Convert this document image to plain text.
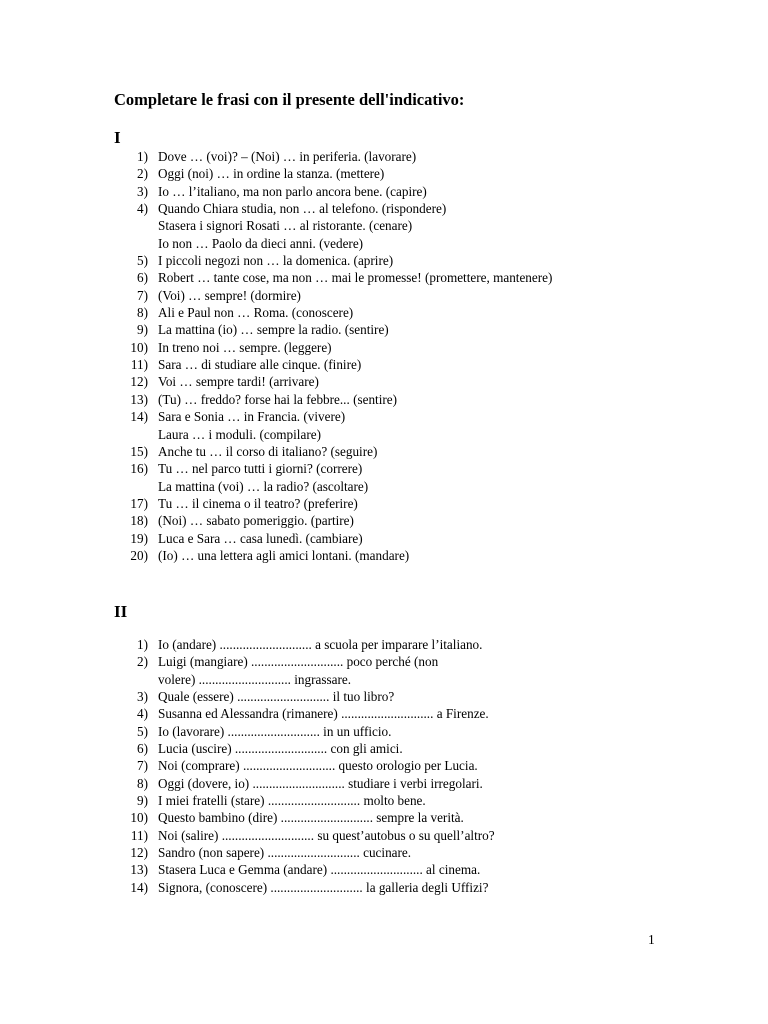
Completare le frasi con il presente dell'indicativo:
I
1) Dove … (voi)? – (Noi) … in periferia. (lavorare)
2) Oggi (noi) … in ordine la stanza. (mettere)
3) Io … l’italiano, ma non parlo ancora bene. (capire)
4) Quando Chiara studia, non … al telefono. (rispondere)
Stasera i signori Rosati … al ristorante. (cenare)
Io non … Paolo da dieci anni. (vedere)
5) I piccoli negozi non … la domenica. (aprire)
6) Robert … tante cose, ma non … mai le promesse! (promettere, mantenere)
7) (Voi) … sempre! (dormire)
8) Ali e Paul non … Roma. (conoscere)
9) La mattina (io) … sempre la radio. (sentire)
10) In treno noi … sempre. (leggere)
11) Sara … di studiare alle cinque. (finire)
12) Voi … sempre tardi! (arrivare)
13) (Tu) … freddo? forse hai la febbre... (sentire)
14) Sara e Sonia … in Francia. (vivere)
Laura … i moduli. (compilare)
15) Anche tu … il corso di italiano? (seguire)
16) Tu … nel parco tutti i giorni? (correre)
La mattina (voi) … la radio? (ascoltare)
17) Tu … il cinema o il teatro? (preferire)
18) (Noi) … sabato pomeriggio. (partire)
19) Luca e Sara … casa lunedì. (cambiare)
20) (Io) … una lettera agli amici lontani. (mandare)
II
1) Io (andare) ............................ a scuola per imparare l’italiano.
2) Luigi (mangiare) ............................ poco perché (non
volere) ............................ ingrassare.
3) Quale (essere) ............................ il tuo libro?
4) Susanna ed Alessandra (rimanere) ............................ a Firenze.
5) Io (lavorare) ............................ in un ufficio.
6) Lucia (uscire) ............................ con gli amici.
7) Noi (comprare) ............................ questo orologio per Lucia.
8) Oggi (dovere, io) ............................ studiare i verbi irregolari.
9) I miei fratelli (stare) ............................ molto bene.
10) Questo bambino (dire) ............................ sempre la verità.
11) Noi (salire) ............................ su quest’autobus o su quell’altro?
12) Sandro (non sapere) ............................ cucinare.
13) Stasera Luca e Gemma (andare) ............................ al cinema.
14) Signora, (conoscere) ............................ la galleria degli Uffizi?
1
